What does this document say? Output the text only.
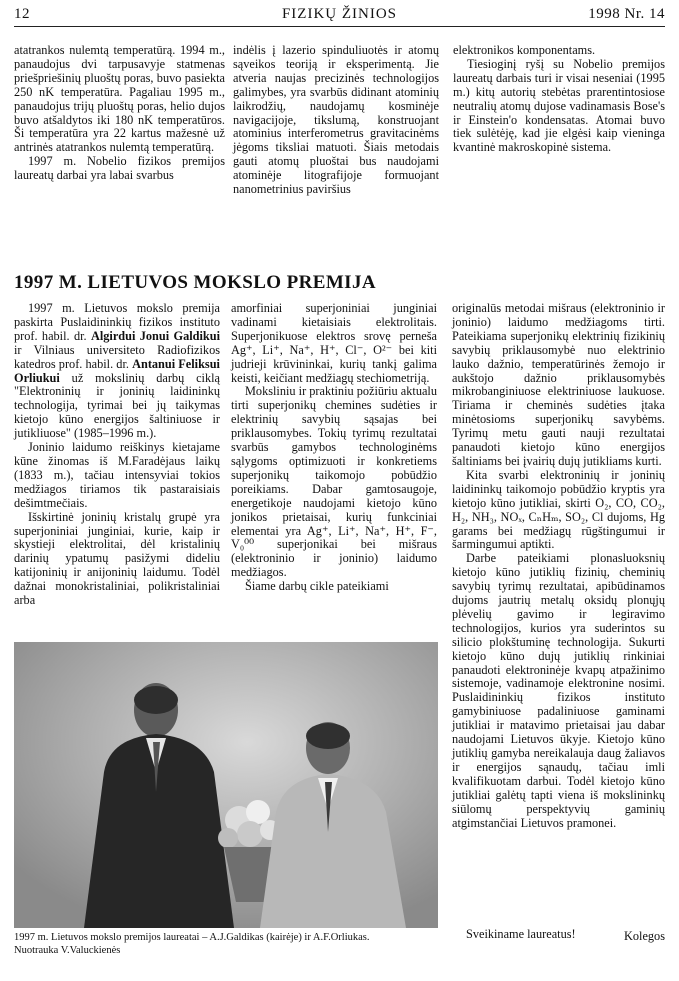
12	FIZIKŲ ŽINIOS	1998 Nr. 14

atatrankos nulemtą temperatūrą. 1994 m., panaudojus dvi tarpusavyje statmenas priešpriešinių pluoštų poras, buvo pasiekta 250 nK temperatūra. Pagaliau 1995 m., panaudojus trijų pluoštų poras, helio dujos buvo atšaldytos iki 180 nK temperatūros. Ši temperatūra yra 22 kartus mažesnė už antrinės atatrankos nulemtą temperatūrą.

1997 m. Nobelio fizikos premijos laureatų darbai yra labai svarbus

indėlis į lazerio spinduliuotės ir atomų sąveikos teoriją ir eksperimentą. Jie atveria naujas precizinės technologijos galimybes, yra svarbūs didinant atominių laikrodžių, naudojamų kosminėje navigacijoje, tikslumą, konstruojant atominius interferometrus gravitacinėms jėgoms tiksliai matuoti. Šiais metodais gauti atomų pluoštai bus naudojami atominėje litografijoje formuojant nanometrinius paviršius

elektronikos komponentams.

Tiesioginį ryšį su Nobelio premijos laureatų darbais turi ir visai neseniai (1995 m.) kitų autorių stebėtas prarentintosiose neutralių atomų dujose vadinamasis Bose's ir Einstein'o kondensatas. Atomai buvo tiek sulėtėję, kad jie elgėsi kaip vieninga kvantinė makroskopinė sistema.

1997 M. LIETUVOS MOKSLO PREMIJA

1997 m. Lietuvos mokslo premija paskirta Puslaidininkių fizikos instituto prof. habil. dr. Algirdui Jonui Galdikui ir Vilniaus universiteto Radiofizikos katedros prof. habil. dr. Antanui Feliksui Orliukui už mokslinių darbų ciklą "Elektroninių ir joninių laidininkų technologija, tyrimai bei jų taikymas kietojo kūno energijos šaltiniuose ir jutikliuose" (1985–1996 m.).

Joninio laidumo reiškinys kietajame kūne žinomas iš M.Faradėjaus laikų (1833 m.), tačiau intensyviai tokios medžiagos tiriamos tik pastaraisiais dešimtmečiais.

Išskirtinė joninių kristalų grupė yra superjoniniai junginiai, kurie, kaip ir skystieji elektrolitai, dėl kristalinių darinių ypatumų pasižymi dideliu katijoninių ir anijoninių laidumu. Todėl dažnai monokristaliniai, polikristaliniai arba

amorfiniai superjoniniai junginiai vadinami kietaisiais elektrolitais. Superjonikuose elektros srovę perneša Ag⁺, Li⁺, Na⁺, H⁺, Cl⁻, O²⁻ bei kiti judrieji krūvininkai, kurių tankį galima keisti, keičiant medžiagų stechiometriją.

Moksliniu ir praktiniu požiūriu aktualu tirti superjonikų chemines sudėties ir elektrinių savybių sąsajas bei priklausomybes. Tokių tyrimų rezultatai svarbūs gamybos technologinėms sąlygoms optimizuoti ir konkretiems superjonikų taikomojo pobūdžio poreikiams. Dabar gamtosaugoje, energetikoje naudojami kietojo kūno jonikos prietaisai, kurių funkciniai elementai yra Ag⁺, Li⁺, Na⁺, H⁺, F⁻, V₀⁰⁰ superjonikai bei mišraus (elektroninio ir joninio) laidumo medžiagos.

Šiame darbų cikle pateikiami

originalūs metodai mišraus (elektroninio ir joninio) laidumo medžiagoms tirti. Pateikiama superjonikų elektrinių fizikinių savybių priklausomybė nuo elektrinio lauko dažnio, temperatūrinės žemojo ir aukštojo dažnio priklausomybės mikrobanginiuose elektriniuose laukuose. Tiriama ir cheminės sudėties įtaka minėtosioms superjonikų savybėms. Tyrimų metu gauti nauji rezultatai panaudoti kietojo kūno energijos šaltiniams bei įvairių dujų jutikliams kurti.

Kita svarbi elektroninių ir joninių laidininkų taikomojo pobūdžio kryptis yra kietojo kūno jutikliai, skirti O₂, CO, CO₂, H₂, NH₃, NOₓ, CₙHₘ, SO₂, Cl dujoms, Hg garams bei medžiagų rūgštingumui ir šarmingumui aptikti.

Darbe pateikiami plonasluoksnių kietojo kūno jutiklių fizinių, cheminių savybių tyrimų rezultatai, apibūdinamos dujoms jautrių metalų oksidų plonųjų plėvelių gavimo ir legiravimo technologijos, kurios yra suderintos su silicio plokštuminę technologija. Sukurti kietojo kūno dujų jutiklių rinkiniai panaudoti elektroninėje kvapų atpažinimo sistemoje, vadinamoje elektronine nosimi. Puslaidininkių fizikos instituto gamybiniuose padaliniuose gaminami jutikliai ir matavimo prietaisai jau dabar naudojami Lietuvos ūkyje. Kietojo kūno jutiklių gamyba nereikalauja daug žaliavos ir energijos sąnaudų, tačiau imli kvalifikuotam darbui. Todėl kietojo kūno jutikliai galėtų tapti viena iš mokslininkų siūlomų perspektyvių gaminių atgimstančiai Lietuvos pramonei.

1997 m. Lietuvos mokslo premijos laureatai – A.J.Galdikas (kairėje) ir A.F.Orliukas.
Nuotrauka V.Valuckienės
Sveikiname laureatus!	Kolegos
